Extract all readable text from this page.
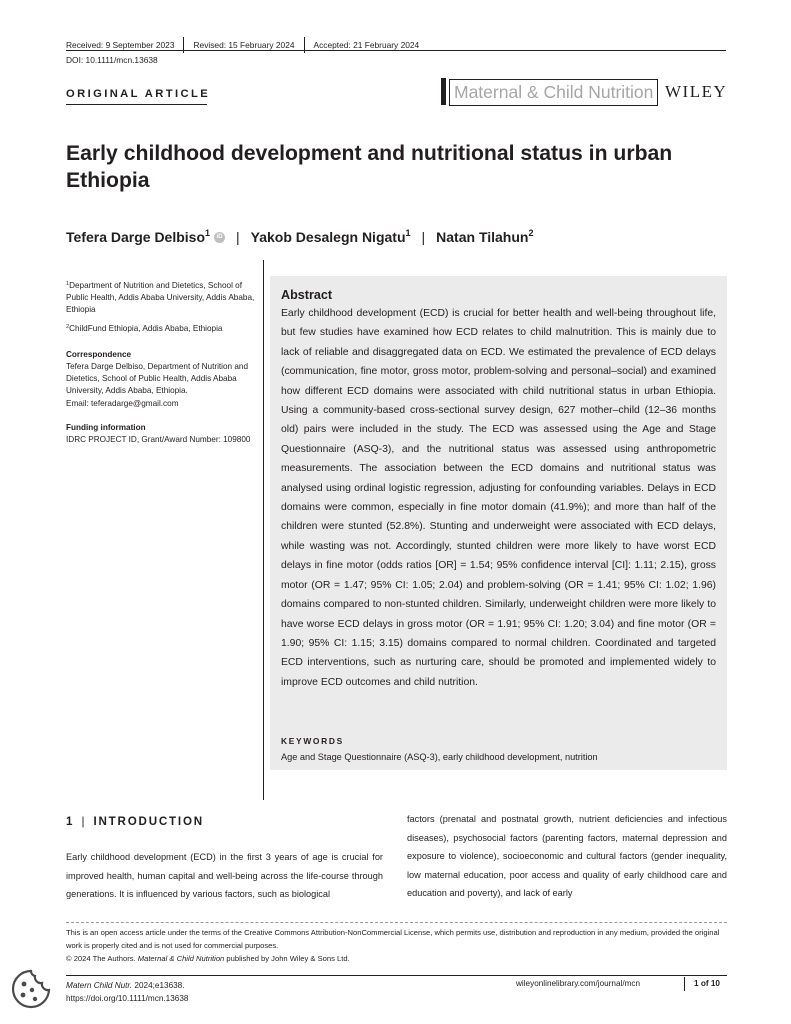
Received: 9 September 2023 Revised: 15 February 2024 Accepted: 21 February 2024
DOI: 10.1111/mcn.13638
ORIGINAL ARTICLE	Maternal & Child Nutrition WILEY
Early childhood development and nutritional status in urban Ethiopia
Tefera Darge Delbiso$^1$	iD | Yakob Desalegn Nigatu$^1$ | Natan Tilahun$^2$

$^1$Department of Nutrition and Dietetics, School of Public Health, Addis Ababa University, Addis Ababa, Ethiopia

$^2$ChildFund Ethiopia, Addis Ababa, Ethiopia

Correspondence

Tefera Darge Delbiso, Department of Nutrition and Dietetics, School of Public Health, Addis Ababa University, Addis Ababa, Ethiopia.

Email: teferadarge@gmail.com

Funding information

IDRC PROJECT ID, Grant/Award Number: 109800

Abstract
Early childhood development (ECD) is crucial for better health and well-being throughout life, but few studies have examined how ECD relates to child malnutrition. This is mainly due to lack of reliable and disaggregated data on ECD. We estimated the prevalence of ECD delays (communication, fine motor, gross motor, problem-solving and personal–social) and examined how different ECD domains were associated with child nutritional status in urban Ethiopia. Using a community-based cross-sectional survey design, 627 mother–child (12–36 months old) pairs were included in the study. The ECD was assessed using the Age and Stage Questionnaire (ASQ-3), and the nutritional status was assessed using anthropometric measurements. The association between the ECD domains and nutritional status was analysed using ordinal logistic regression, adjusting for confounding variables. Delays in ECD domains were common, especially in fine motor domain (41.9%); and more than half of the children were stunted (52.8%). Stunting and underweight were associated with ECD delays, while wasting was not. Accordingly, stunted children were more likely to have worst ECD delays in fine motor (odds ratios [OR] = 1.54; 95% confidence interval [CI]: 1.11; 2.15), gross motor (OR = 1.47; 95% CI: 1.05; 2.04) and problem-solving (OR = 1.41; 95% CI: 1.02; 1.96) domains compared to non-stunted children. Similarly, underweight children were more likely to have worse ECD delays in gross motor (OR = 1.91; 95% CI: 1.20; 3.04) and fine motor (OR = 1.90; 95% CI: 1.15; 3.15) domains compared to normal children. Coordinated and targeted ECD interventions, such as nurturing care, should be promoted and implemented widely to improve ECD outcomes and child nutrition.
KEYWORDS
Age and Stage Questionnaire (ASQ-3), early childhood development, nutrition
1 | INTRODUCTION
Early childhood development (ECD) in the first 3 years of age is crucial for improved health, human capital and well-being across the life-course through generations. It is influenced by various factors, such as biological
factors (prenatal and postnatal growth, nutrient deficiencies and infectious diseases), psychosocial factors (parenting factors, maternal depression and exposure to violence), socioeconomic and cultural factors (gender inequality, low maternal education, poor access and quality of early childhood care and education and poverty), and lack of early
This is an open access article under the terms of the Creative Commons Attribution-NonCommercial License, which permits use, distribution and reproduction in any medium, provided the original work is properly cited and is not used for commercial purposes.
© 2024 The Authors. Maternal & Child Nutrition published by John Wiley & Sons Ltd.
Matern Child Nutr. 2024;e13638.
https://doi.org/10.1111/mcn.13638
wileyonlinelibrary.com/journal/mcn	1 of 10
